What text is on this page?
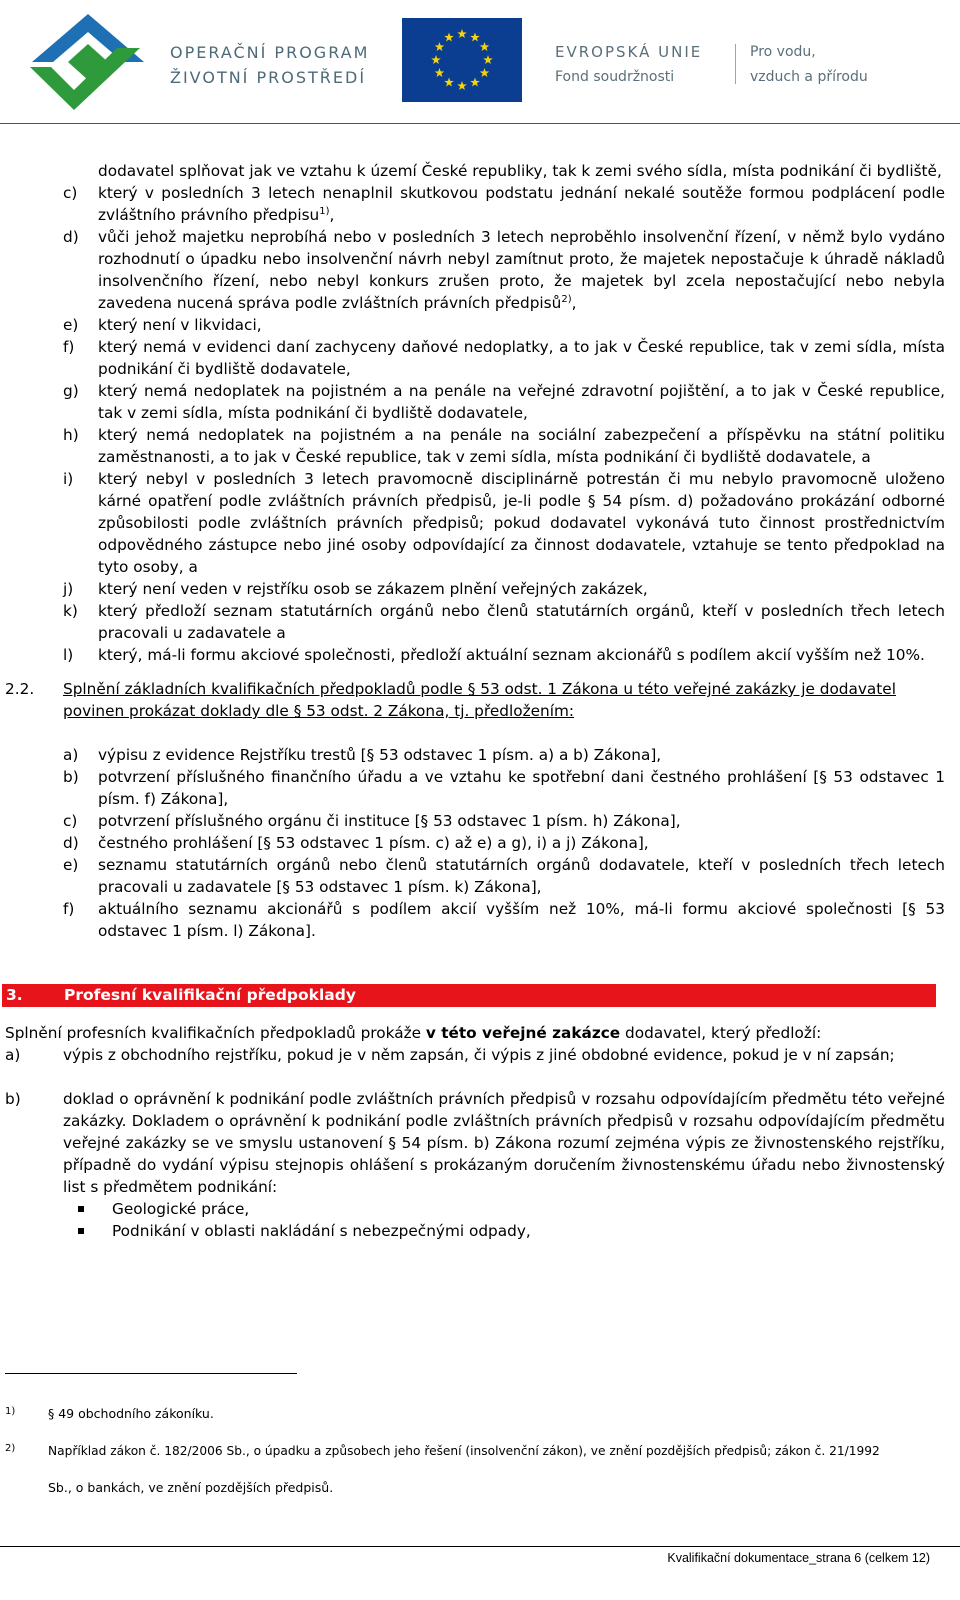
OPERAČNÍ PROGRAM
ŽIVOTNÍ PROSTŘEDÍ
EVROPSKÁ UNIE
Fond soudržnosti
Pro vodu,
vzduch a přírodu
dodavatel splňovat jak ve vztahu k území České republiky, tak k zemi svého sídla, místa podnikání či bydliště,
c) který v posledních 3 letech nenaplnil skutkovou podstatu jednání nekalé soutěže formou podplácení podle zvláštního právního předpisu$^{1)}$,
d) vůči jehož majetku neprobíhá nebo v posledních 3 letech neproběhlo insolvenční řízení, v němž bylo vydáno rozhodnutí o úpadku nebo insolvenční návrh nebyl zamítnut proto, že majetek nepostačuje k úhradě nákladů insolvenčního řízení, nebo nebyl konkurs zrušen proto, že majetek byl zcela nepostačující nebo nebyla zavedena nucená správa podle zvláštních právních předpisů$^{2)}$,
e) který není v likvidaci,
f) který nemá v evidenci daní zachyceny daňové nedoplatky, a to jak v České republice, tak v zemi sídla, místa podnikání či bydliště dodavatele,
g) který nemá nedoplatek na pojistném a na penále na veřejné zdravotní pojištění, a to jak v České republice, tak v zemi sídla, místa podnikání či bydliště dodavatele,
h) který nemá nedoplatek na pojistném a na penále na sociální zabezpečení a příspěvku na státní politiku zaměstnanosti, a to jak v České republice, tak v zemi sídla, místa podnikání či bydliště dodavatele, a
i) který nebyl v posledních 3 letech pravomocně disciplinárně potrestán či mu nebylo pravomocně uloženo kárné opatření podle zvláštních právních předpisů, je-li podle § 54 písm. d) požadováno prokázání odborné způsobilosti podle zvláštních právních předpisů; pokud dodavatel vykonává tuto činnost prostřednictvím odpovědného zástupce nebo jiné osoby odpovídající za činnost dodavatele, vztahuje se tento předpoklad na tyto osoby, a
j) který není veden v rejstříku osob se zákazem plnění veřejných zakázek,
k) který předloží seznam statutárních orgánů nebo členů statutárních orgánů, kteří v posledních třech letech pracovali u zadavatele a
l) který, má-li formu akciové společnosti, předloží aktuální seznam akcionářů s podílem akcií vyšším než 10%.
2.2. Splnění základních kvalifikačních předpokladů podle § 53 odst. 1 Zákona u této veřejné zakázky je dodavatel povinen prokázat doklady dle § 53 odst. 2 Zákona, tj. předložením:
a) výpisu z evidence Rejstříku trestů [§ 53 odstavec 1 písm. a) a b) Zákona],
b) potvrzení příslušného finančního úřadu a ve vztahu ke spotřební dani čestného prohlášení [§ 53 odstavec 1 písm. f) Zákona],
c) potvrzení příslušného orgánu či instituce [§ 53 odstavec 1 písm. h) Zákona],
d) čestného prohlášení [§ 53 odstavec 1 písm. c) až e) a g), i) a j) Zákona],
e) seznamu statutárních orgánů nebo členů statutárních orgánů dodavatele, kteří v posledních třech letech pracovali u zadavatele [§ 53 odstavec 1 písm. k) Zákona],
f) aktuálního seznamu akcionářů s podílem akcií vyšším než 10%, má-li formu akciové společnosti [§ 53 odstavec 1 písm. l) Zákona].
3.	Profesní kvalifikační předpoklady
Splnění profesních kvalifikačních předpokladů prokáže v této veřejné zakázce dodavatel, který předloží:
a)	výpis z obchodního rejstříku, pokud je v něm zapsán, či výpis z jiné obdobné evidence, pokud je v ní zapsán;
b)	doklad o oprávnění k podnikání podle zvláštních právních předpisů v rozsahu odpovídajícím předmětu této veřejné zakázky. Dokladem o oprávnění k podnikání podle zvláštních právních předpisů v rozsahu odpovídajícím předmětu veřejné zakázky se ve smyslu ustanovení § 54 písm. b) Zákona rozumí zejména výpis ze živnostenského rejstříku, případně do vydání výpisu stejnopis ohlášení s prokázaným doručením živnostenskému úřadu nebo živnostenský list s předmětem podnikání:
Geologické práce,
Podnikání v oblasti nakládání s nebezpečnými odpady,
1)	§ 49 obchodního zákoníku.
2)	Například zákon č. 182/2006 Sb., o úpadku a způsobech jeho řešení (insolvenční zákon), ve znění pozdějších předpisů; zákon č. 21/1992
Sb., o bankách, ve znění pozdějších předpisů.
Kvalifikační dokumentace_strana 6 (celkem 12)
